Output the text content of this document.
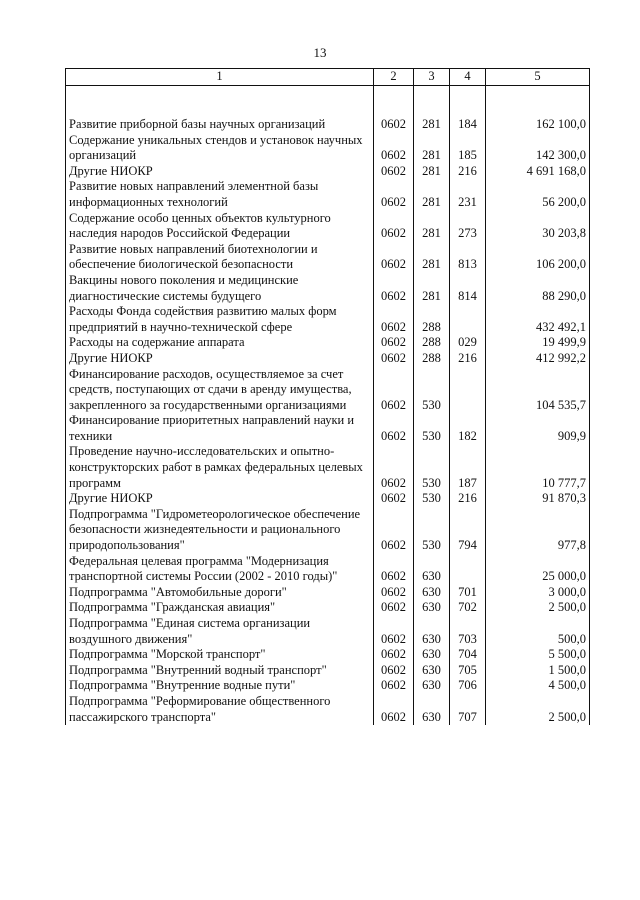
13
1	2	3	4	5

Развитие приборной базы научных организаций	0602	281	184	162 100,0
Содержание уникальных стендов и установок научных организаций	0602	281	185	142 300,0
Другие НИОКР	0602	281	216	4 691 168,0
Развитие новых направлений элементной базы информационных технологий	0602	281	231	56 200,0
Содержание особо ценных объектов культурного наследия народов Российской Федерации	0602	281	273	30 203,8
Развитие новых направлений биотехнологии и обеспечение биологической безопасности	0602	281	813	106 200,0
Вакцины нового поколения и медицинские диагностические системы будущего	0602	281	814	88 290,0
Расходы Фонда содействия развитию малых форм предприятий в научно-технической сфере	0602	288		432 492,1
Расходы на содержание аппарата	0602	288	029	19 499,9
Другие НИОКР	0602	288	216	412 992,2
Финансирование расходов, осуществляемое за счет средств, поступающих от сдачи в аренду имущества, закрепленного за государственными организациями	0602	530		104 535,7
Финансирование приоритетных направлений науки и техники	0602	530	182	909,9
Проведение научно-исследовательских и опытно-конструкторских работ в рамках федеральных целевых программ	0602	530	187	10 777,7
Другие НИОКР	0602	530	216	91 870,3
Подпрограмма "Гидрометеорологическое обеспечение безопасности жизнедеятельности и рационального природопользования"	0602	530	794	977,8
Федеральная целевая программа "Модернизация транспортной системы России (2002 - 2010 годы)"	0602	630		25 000,0
Подпрограмма "Автомобильные дороги"	0602	630	701	3 000,0
Подпрограмма "Гражданская авиация"	0602	630	702	2 500,0
Подпрограмма "Единая система организации воздушного движения"	0602	630	703	500,0
Подпрограмма "Морской транспорт"	0602	630	704	5 500,0
Подпрограмма "Внутренний водный транспорт"	0602	630	705	1 500,0
Подпрограмма "Внутренние водные пути"	0602	630	706	4 500,0
Подпрограмма "Реформирование общественного пассажирского транспорта"	0602	630	707	2 500,0
